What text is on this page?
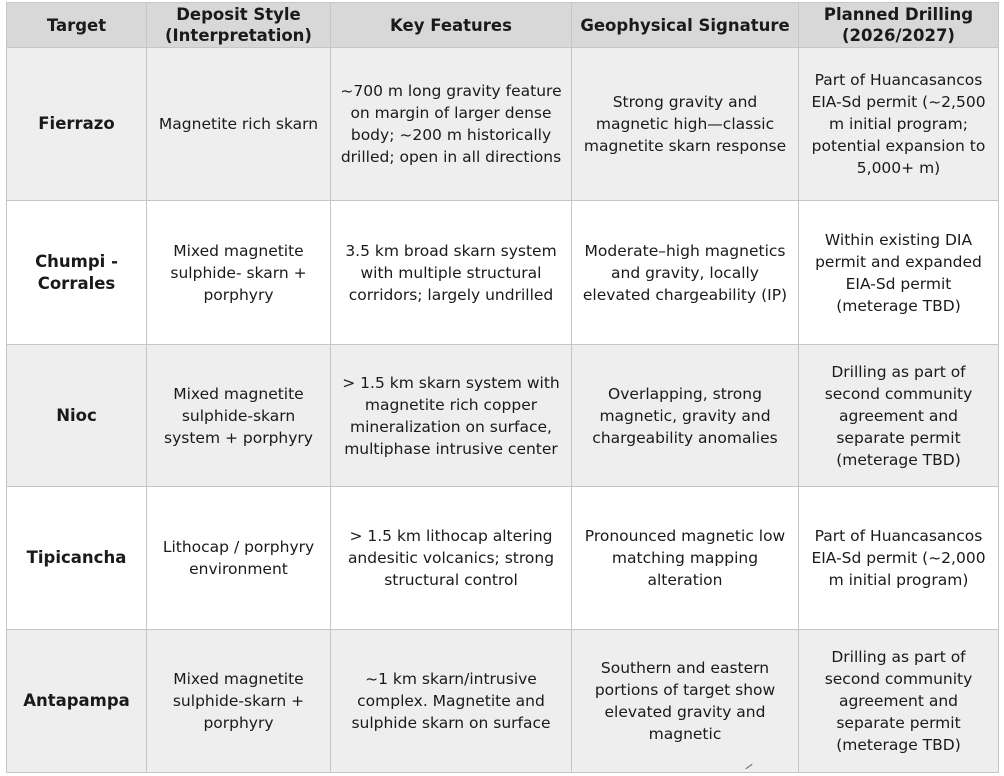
Target	Deposit Style (Interpretation)	Key Features	Geophysical Signature	Planned Drilling (2026/2027)
Fierrazo	Magnetite rich skarn	~700 m long gravity feature on margin of larger dense body; ~200 m historically drilled; open in all directions	Strong gravity and magnetic high—classic magnetite skarn response	Part of Huancasancos EIA-Sd permit (~2,500 m initial program; potential expansion to 5,000+ m)
Chumpi - Corrales	Mixed magnetite sulphide- skarn + porphyry	3.5 km broad skarn system with multiple structural corridors; largely undrilled	Moderate–high magnetics and gravity, locally elevated chargeability (IP)	Within existing DIA permit and expanded EIA-Sd permit (meterage TBD)
Nioc	Mixed magnetite sulphide-skarn system + porphyry	> 1.5 km skarn system with magnetite rich copper mineralization on surface, multiphase intrusive center	Overlapping, strong magnetic, gravity and chargeability anomalies	Drilling as part of second community agreement and separate permit (meterage TBD)
Tipicancha	Lithocap / porphyry environment	> 1.5 km lithocap altering andesitic volcanics; strong structural control	Pronounced magnetic low matching mapping alteration	Part of Huancasancos EIA-Sd permit (~2,000 m initial program)
Antapampa	Mixed magnetite sulphide-skarn + porphyry	~1 km skarn/intrusive complex. Magnetite and sulphide skarn on surface	Southern and eastern portions of target show elevated gravity and magnetic	Drilling as part of second community agreement and separate permit (meterage TBD)
